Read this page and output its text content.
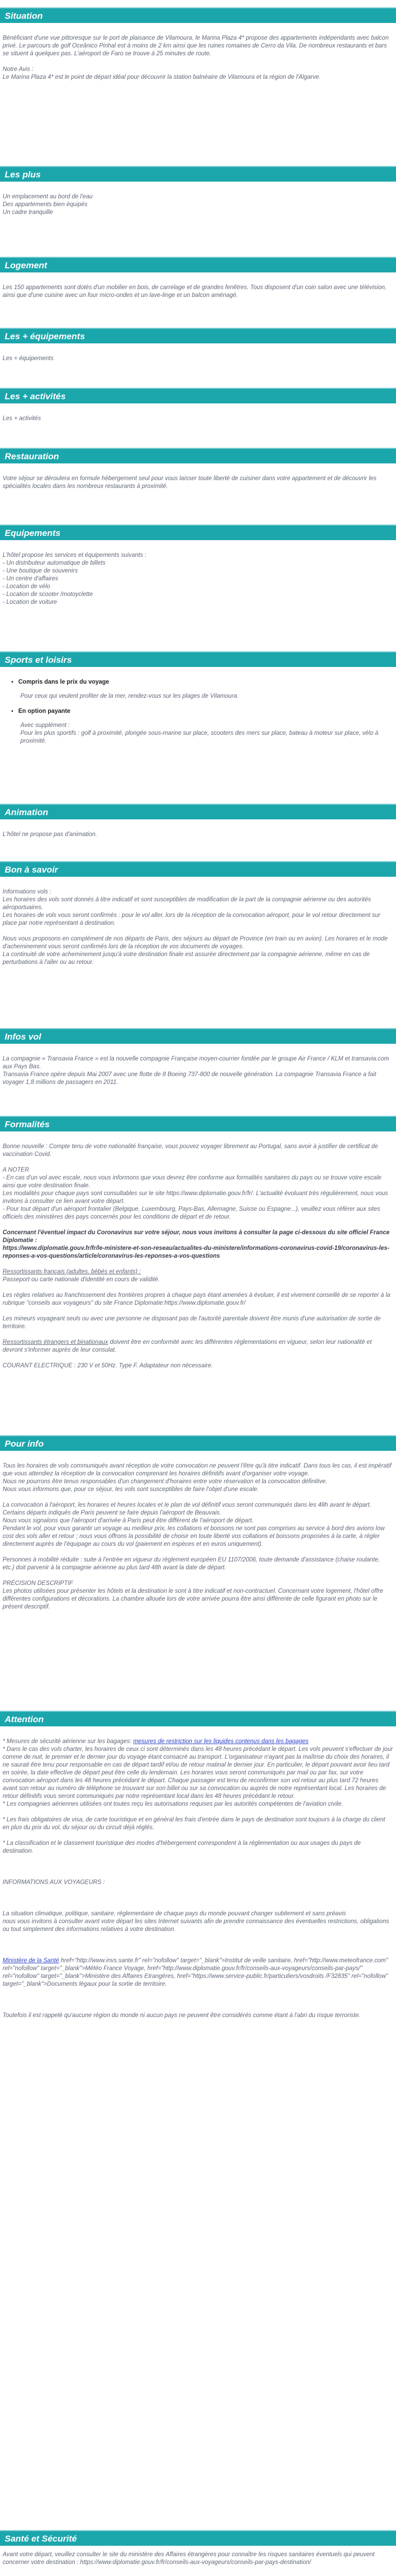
Situation

Bénéficiant d'une vue pittoresque sur le port de plaisance de Vilamoura, le Marina Plaza 4* propose des appartements indépendants avec balcon privé. Le parcours de golf Oceânico Pinhal est à moins de 2 km ainsi que les ruines romaines de Cerro da Vila. De nombreux restaurants et bars se situent à quelques pas. L'aéroport de Faro se trouve à 25 minutes de route.

Notre Avis :

Le Marina Plaza 4* est le point de départ idéal pour découvrir la station balnéaire de Vilamoura et la région de l'Algarve.

Les plus

Un emplacement au bord de l'eau

Des appartements bien équipés

Un cadre tranquille

Logement

Les 150 appartements sont dotés d'un mobilier en bois, de carrelage et de grandes fenêtres. Tous disposent d'un coin salon avec une télévision, ainsi que d'une cuisine avec un four micro-ondes et un lave-linge et un balcon aménagé.

Les + équipements

Les + équipements

Les + activités

Les + activités

Restauration

Votre séjour se déroulera en formule hébergement seul pour vous laisser toute liberté de cuisiner dans votre appartement et de découvrir les spécialités locales dans les nombreux restaurants à proximité.

Equipements

L'hôtel propose les services et équipements suivants :

- Un distributeur automatique de billets

- Une boutique de souvenirs

- Un centre d'affaires

- Location de vélo

- Location de scooter /motoyclette

- Location de voiture

Sports et loisirs
• Compris dans le prix du voyage
Pour ceux qui veulent profiter de la mer, rendez-vous sur les plages de Vilamoura.
• En option payante
Avec supplément :
Pour les plus sportifs : golf à proximité, plongée sous-marine sur place, scooters des mers sur place, bateau à moteur sur place, vélo à proximité.
Animation

L'hôtel ne propose pas d'animation.

Bon à savoir

Informations vols :

Les horaires des vols sont donnés à titre indicatif et sont susceptibles de modification de la part de la compagnie aérienne ou des autorités aéroportuaires.

Les horaires de vols vous seront confirmés : pour le vol aller, lors de la réception de la convocation aéroport, pour le vol retour directement sur place par notre représentant à destination.

Nous vous proposons en complément de nos départs de Paris, des séjours au départ de Province (en train ou en avion). Les horaires et le mode d'acheminement vous seront confirmés lors de la réception de vos documents de voyages.

La continuité de votre acheminement jusqu'à votre destination finale est assurée directement par la compagnie aérienne, même en cas de perturbations à l'aller ou au retour.

Infos vol

La compagnie « Transavia France » est la nouvelle compagnie Française moyen-courrier fondée par le groupe Air France / KLM et transavia.com aux Pays Bas.

Transavia France opère depuis Mai 2007 avec une flotte de 8 Boeing 737-800 de nouvelle génération. La compagnie Transavia France a fait voyager 1,8 millions de passagers en 2011.

Formalités

Bonne nouvelle : Compte tenu de votre nationalité française, vous pouvez voyager librement au Portugal, sans avoir à justifier de certificat de vaccination Covid.

A NOTER

- En cas d'un vol avec escale, nous vous informons que vous devrez être conforme aux formalités sanitaires du pays ou se trouve votre escale ainsi que votre destination finale.

Les modalités pour chaque pays sont consultables sur le site https://www.diplomatie.gouv.fr/fr/. L'actualité évoluant très régulièrement, nous vous invitons à consulter ce lien avant votre départ.

- Pour tout départ d'un aéroport frontalier (Belgique, Luxembourg, Pays-Bas, Allemagne, Suisse ou Espagne...), veuillez vous référer aux sites officiels des ministères des pays concernés pour les conditions de départ et de retour.

Concernant l'éventuel impact du Coronavirus sur votre séjour, nous vous invitons à consulter la page ci-dessous du site officiel France Diplomatie :

https://www.diplomatie.gouv.fr/fr/le-ministere-et-son-reseau/actualites-du-ministere/informations-coronavirus-covid-19/coronavirus-les-reponses-a-vos-questions/article/coronavirus-les-reponses-a-vos-questions

Ressortissants français (adultes, bébés et enfants) :

Passeport ou carte nationale d'identité en cours de validité.

Les règles relatives au franchissement des frontières propres à chaque pays étant amenées à évoluer, il est vivement conseillé de se reporter à la rubrique "conseils aux voyageurs" du site France Diplomatie:https://www.diplomatie.gouv.fr/

Les mineurs voyageant seuls ou avec une personne ne disposant pas de l'autorité parentale doivent être munis d'une autorisation de sortie de territoire.

Ressortissants étrangers et binationaux doivent être en conformité avec les différentes réglementations en vigueur, selon leur nationalité et devront s'informer auprès de leur consulat.

COURANT ELECTRIQUE : 230 V et 50Hz. Type F. Adaptateur non nécessaire.

Pour info

Tous les horaires de vols communiqués avant réception de votre convocation ne peuvent l'être qu'à titre indicatif. Dans tous les cas, il est impératif que vous attendiez la réception de la convocation comprenant les horaires définitifs avant d'organiser votre voyage.

Nous ne pourrons être tenus responsables d'un changement d'horaires entre votre réservation et la convocation définitive.

Nous vous informons que, pour ce séjour, les vols sont susceptibles de faire l'objet d'une escale.

La convocation à l'aéroport, les horaires et heures locales et le plan de vol définitif vous seront communiqués dans les 48h avant le départ.

Certains départs indiqués de Paris peuvent se faire depuis l'aéroport de Beauvais.

Nous vous signalons que l'aéroport d'arrivée à Paris peut être différent de l'aéroport de départ.

Pendant le vol, pour vous garantir un voyage au meilleur prix, les collations et boissons ne sont pas comprises au service à bord des avions low cost des vols aller et retour ; nous vous offrons la possibilité de choisir en toute liberté vos collations et boissons proposées à la carte, à régler directement auprès de l'équipage au cours du vol (paiement en espèces et en euros uniquement).

Personnes à mobilité réduite : suite à l'entrée en vigueur du règlement européen EU 1107/2006, toute demande d'assistance (chaise roulante, etc.) doit parvenir à la compagnie aérienne au plus tard 48h avant la date de départ.

PRÉCISION DESCRIPTIF

Les photos utilisées pour présenter les hôtels et la destination le sont à titre indicatif et non-contractuel. Concernant votre logement, l'hôtel offre différentes configurations et décorations. La chambre allouée lors de votre arrivée pourra être ainsi différente de celle figurant en photo sur le présent descriptif.

Attention

* Mesures de sécurité aérienne sur les bagages: mesures de restriction sur les liquides contenus dans les bagages

* Dans le cas des vols charter, les horaires de ceux ci sont déterminés dans les 48 heures précédant le départ. Les vols peuvent s'effectuer de jour comme de nuit, le premier et le dernier jour du voyage étant consacré au transport. L'organisateur n'ayant pas la maîtrise du choix des horaires, il ne saurait être tenu pour responsable en cas de départ tardif et/ou de retour matinal le dernier jour. En particulier, le départ pouvant avoir lieu tard en soirée, la date effective de départ peut être celle du lendemain. Les horaires vous seront communiqués par mail ou par fax, sur votre convocation aéroport dans les 48 heures précédant le départ. Chaque passager est tenu de reconfirmer son vol retour au plus tard 72 heures avant son retour au numéro de téléphone se trouvant sur son billet ou sur sa convocation ou auprès de notre représentant local. Les horaires de retour définitifs vous seront communiqués par notre représentant local dans les 48 heures précédant le retour.

* Les compagnies aériennes utilisées ont toutes reçu les autorisations requises par les autorités compétentes de l'aviation civile.

* Les frais obligatoires de visa, de carte touristique et en général les frais d'entrée dans le pays de destination sont toujours à la charge du client en plus du prix du vol, du séjour ou du circuit déjà réglés.

* La classification et le classement touristique des modes d'hébergement correspondent à la réglementation ou aux usages du pays de destination.

INFORMATIONS AUX VOYAGEURS :

La situation climatique, politique, sanitaire, réglementaire de chaque pays du monde pouvant changer subitement et sans préavis

nous vous invitons à consulter avant votre départ les sites Internet suivants afin de prendre connaissance des éventuelles restrictions, obligations ou tout simplement des informations relatives à votre destination.

Ministère de la Santé href="http://www.invs.sante.fr" rel="nofollow" target="_blank">Institut de veille sanitaire, href="http://www.meteofrance.com" rel="nofollow" target="_blank">Météo France Voyage, href="http://www.diplomatie.gouv.fr/fr/conseils-aux-voyageurs/conseils-par-pays/" rel="nofollow" target="_blank">Ministère des Affaires Etrangères, href="https://www.service-public.fr/particuliers/vosdroits /F32835" rel="nofollow" target="_blank">Documents légaux pour la sortie de territoire.

Toutefois il est rappelé qu'aucune région du monde ni aucun pays ne peuvent être considérés comme étant à l'abri du risque terroriste.

Santé et Sécurité

Avant votre départ, veuillez consulter le site du ministère des Affaires étrangères pour connaître les risques sanitaires éventuels qui peuvent concerner votre destination : https://www.diplomatie.gouv.fr/fr/conseils-aux-voyageurs/conseils-par-pays-destination/
